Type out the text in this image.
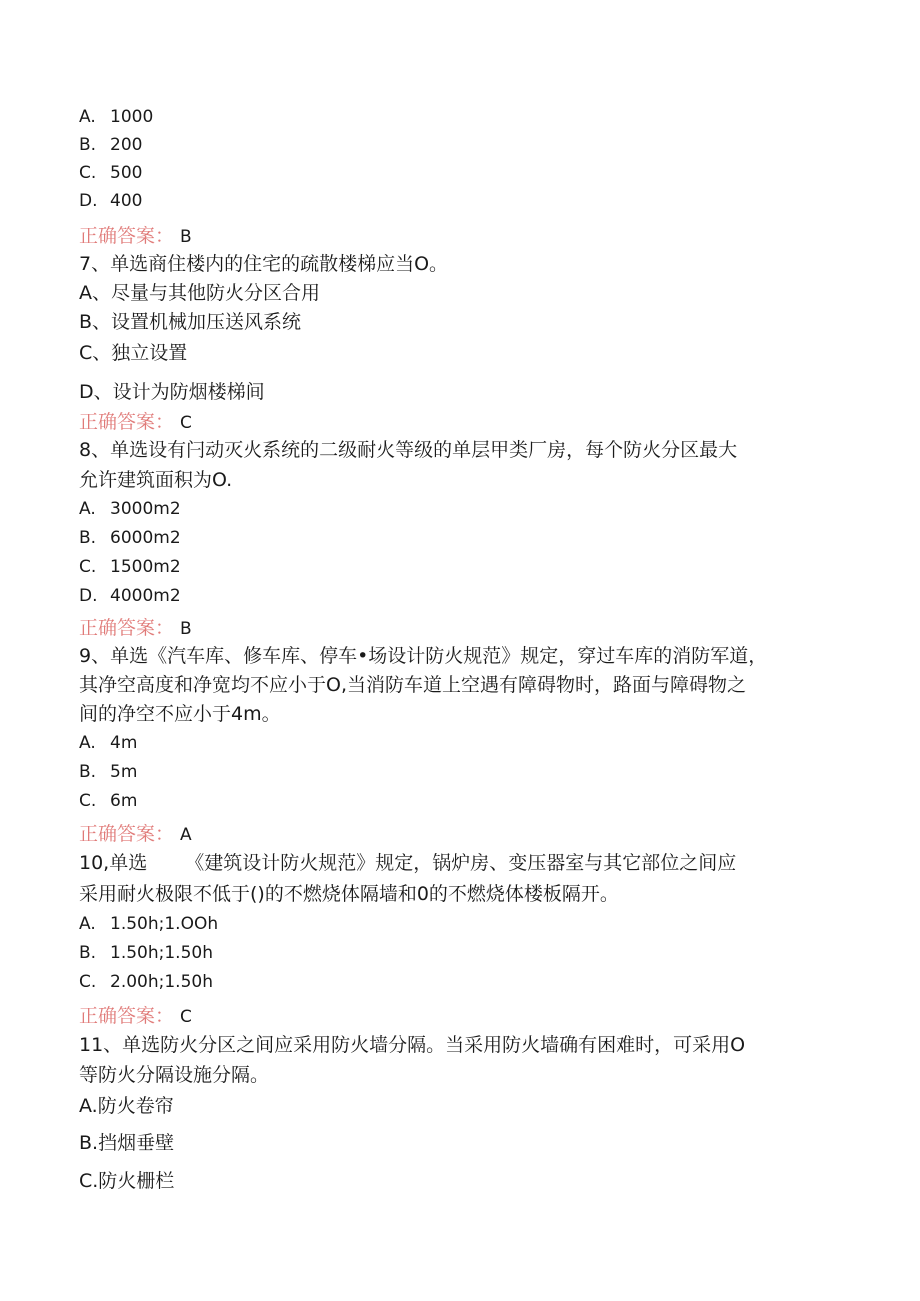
A. 1000
B. 200
C. 500
D. 400
正确答案： B
7、单选商住楼内的住宅的疏散楼梯应当O。
A、尽量与其他防火分区合用
B、设置机械加压送风系统
C、独立设置
D、设计为防烟楼梯间
正确答案： C
8、单选设有闩动灭火系统的二级耐火等级的单层甲类厂房，每个防火分区最大
允许建筑面积为O.
A. 3000m2
B. 6000m2
C. 1500m2
D. 4000m2
正确答案： B
9、单选《汽车库、修车库、停车•场设计防火规范》规定，穿过车库的消防军道，
其净空高度和净宽均不应小于O,当消防车道上空遇有障碍物时，路面与障碍物之
间的净空不应小于4m。
A. 4m
B. 5m
C. 6m
正确答案： A
10,单选 《建筑设计防火规范》规定，锅炉房、变压器室与其它部位之间应
采用耐火极限不低于()的不燃烧体隔墙和0的不燃烧体楼板隔开。
A. 1.50h;1.OOh
B. 1.50h;1.50h
C. 2.00h;1.50h
正确答案： C
11、单选防火分区之间应采用防火墙分隔。当采用防火墙确有困难时，可采用O
等防火分隔设施分隔。
A.防火卷帘
B.挡烟垂壁
C.防火栅栏
